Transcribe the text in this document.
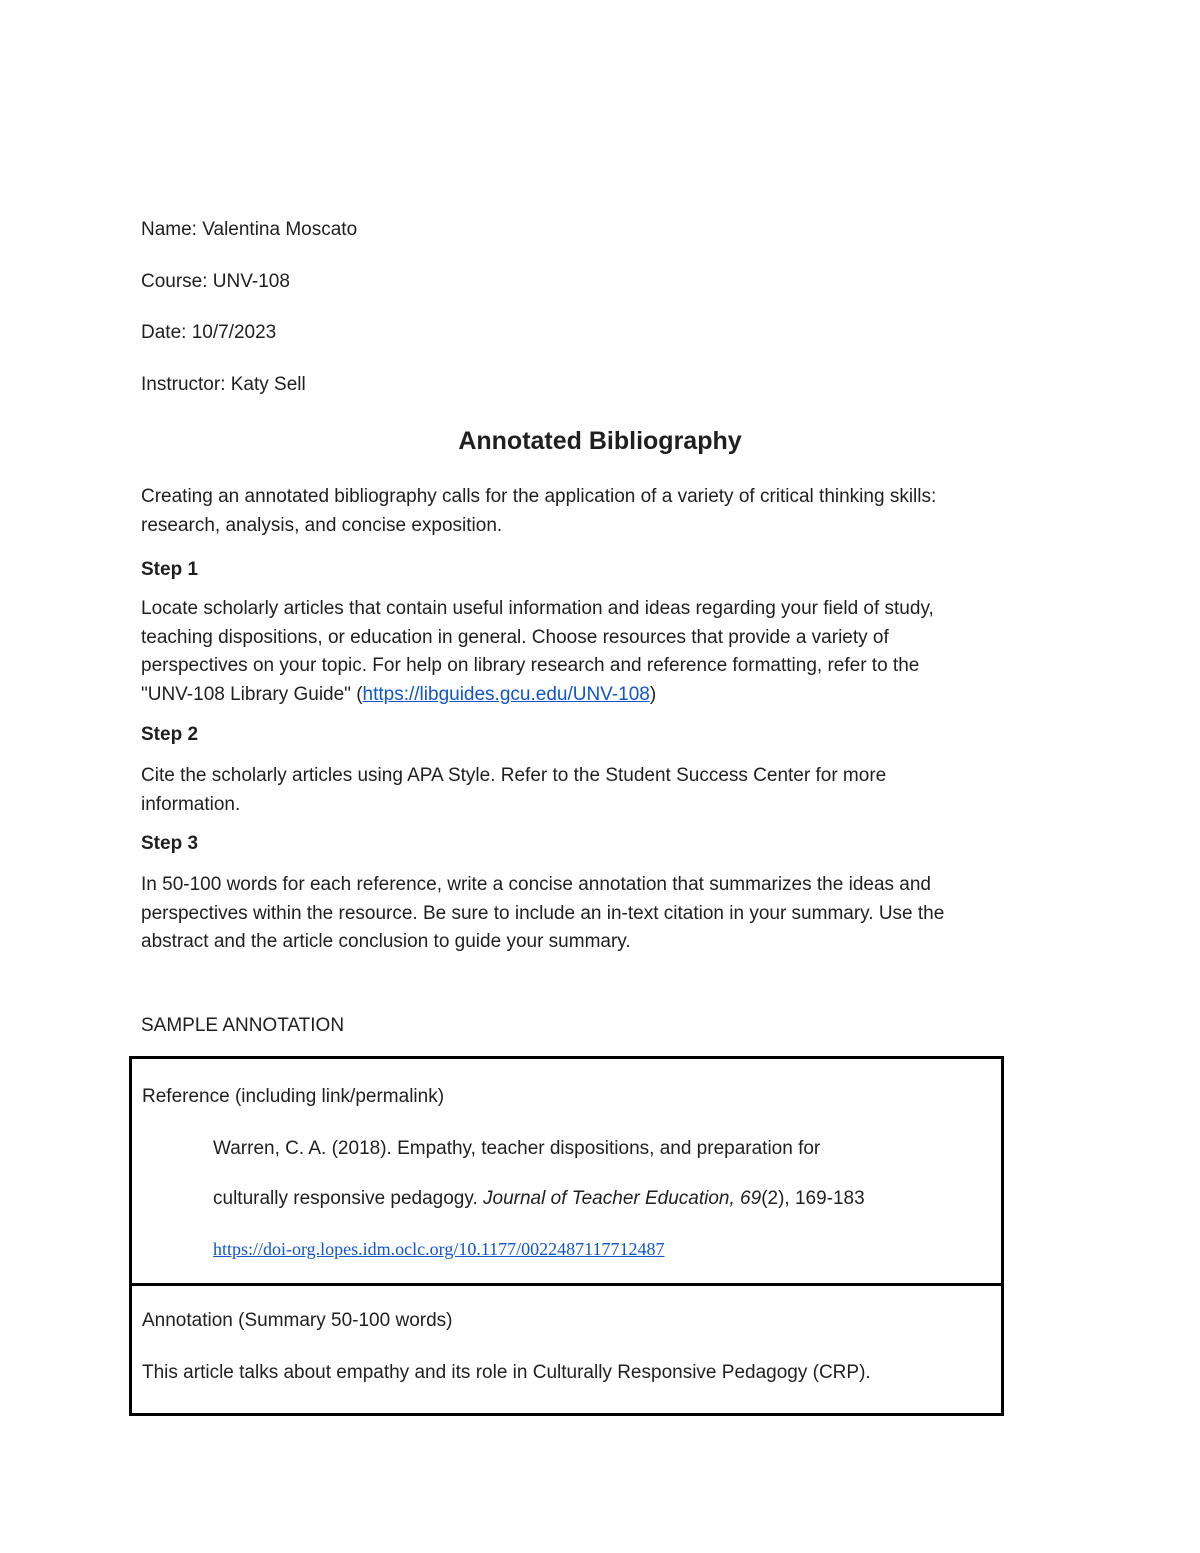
Name: Valentina Moscato

Course: UNV-108

Date: 10/7/2023

Instructor: Katy Sell

Annotated Bibliography

Creating an annotated bibliography calls for the application of a variety of critical thinking skills:
research, analysis, and concise exposition.

Step 1

Locate scholarly articles that contain useful information and ideas regarding your field of study,
teaching dispositions, or education in general. Choose resources that provide a variety of
perspectives on your topic. For help on library research and reference formatting, refer to the
"UNV-108 Library Guide" (https://libguides.gcu.edu/UNV-108)

Step 2

Cite the scholarly articles using APA Style. Refer to the Student Success Center for more
information.

Step 3

In 50-100 words for each reference, write a concise annotation that summarizes the ideas and
perspectives within the resource. Be sure to include an in-text citation in your summary. Use the
abstract and the article conclusion to guide your summary.

SAMPLE ANNOTATION

Reference (including link/permalink)

Warren, C. A. (2018). Empathy, teacher dispositions, and preparation for

culturally responsive pedagogy. Journal of Teacher Education, 69(2), 169-183

https://doi-org.lopes.idm.oclc.org/10.1177/0022487117712487

Annotation (Summary 50-100 words)

This article talks about empathy and its role in Culturally Responsive Pedagogy (CRP).
